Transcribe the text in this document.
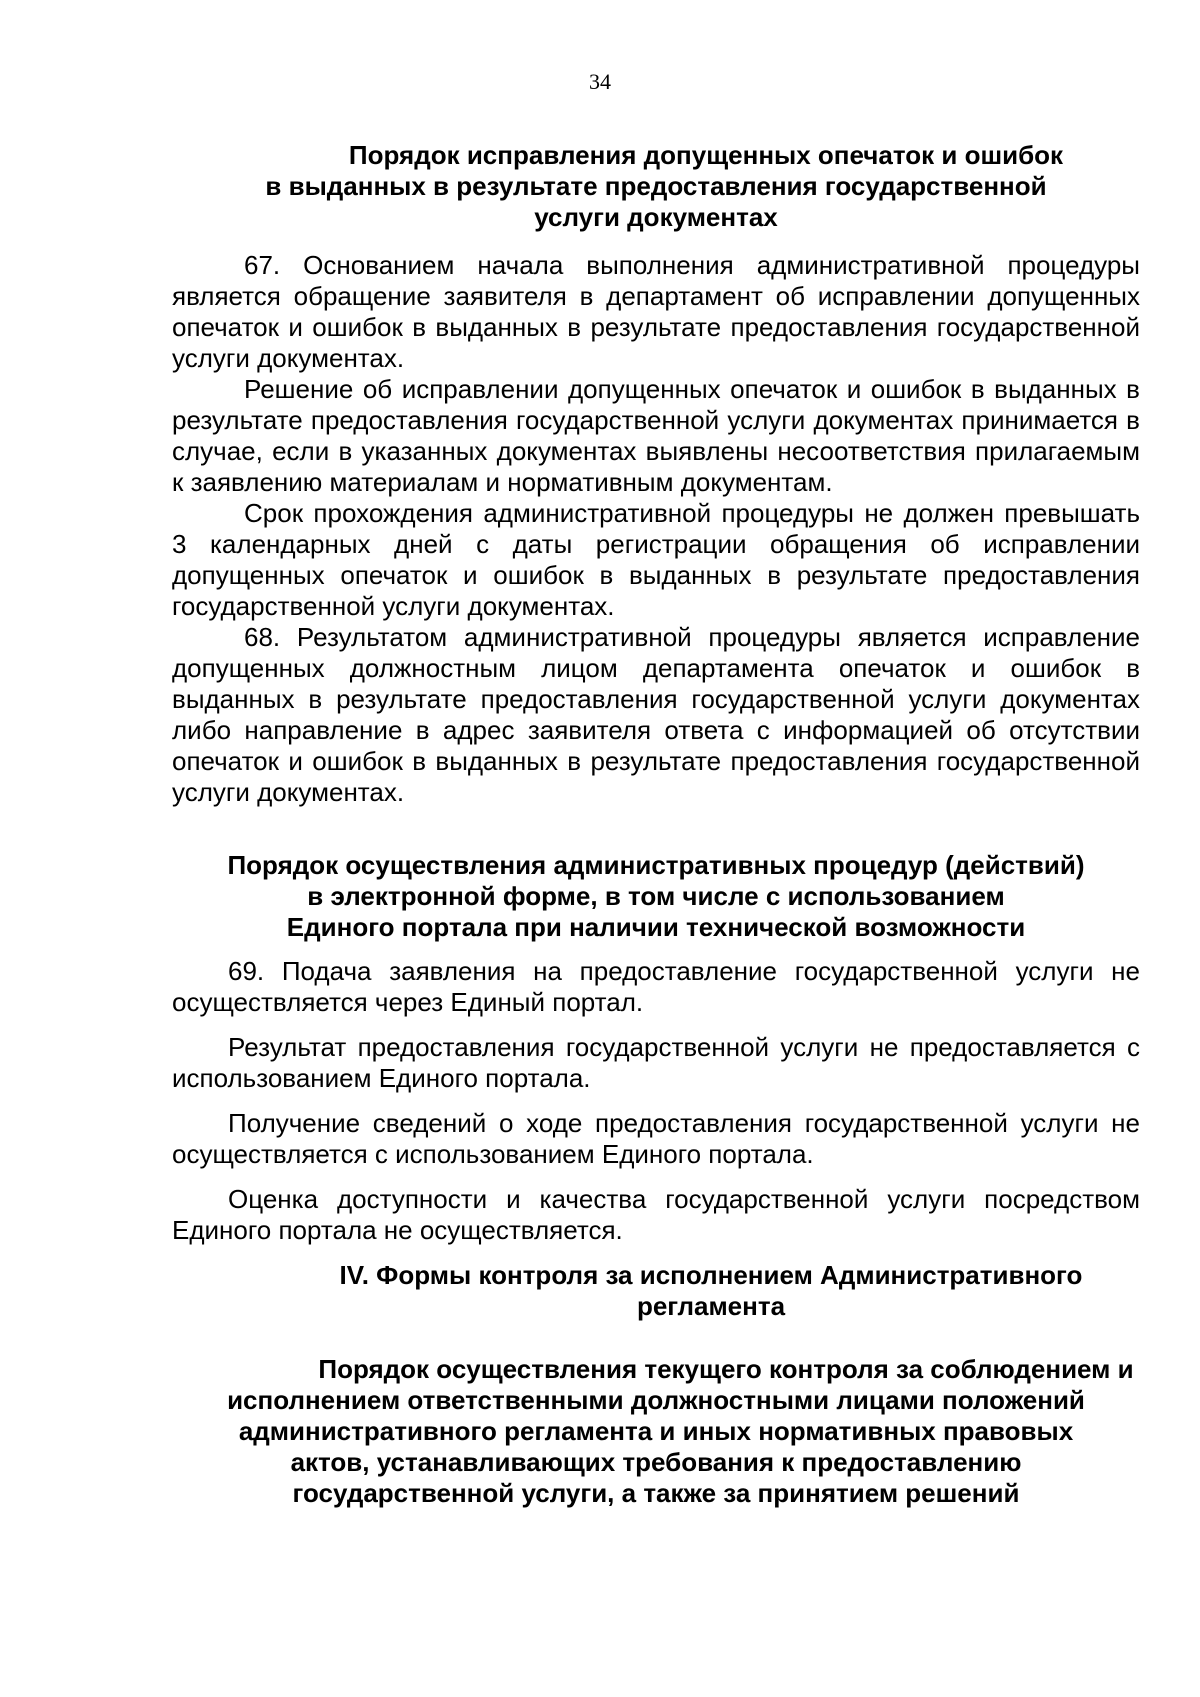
34
Порядок исправления допущенных опечаток и ошибок
в выданных в результате предоставления государственной
услуги документах

67. Основанием начала выполнения административной процедуры является обращение заявителя в департамент об исправлении допущенных опечаток и ошибок в выданных в результате предоставления государственной услуги документах.

Решение об исправлении допущенных опечаток и ошибок в выданных в результате предоставления государственной услуги документах принимается в случае, если в указанных документах выявлены несоответствия прилагаемым к заявлению материалам и нормативным документам.

Срок прохождения административной процедуры не должен превышать 3 календарных дней с даты регистрации обращения об исправлении допущенных опечаток и ошибок в выданных в результате предоставления государственной услуги документах.

68. Результатом административной процедуры является исправление допущенных должностным лицом департамента опечаток и ошибок в выданных в результате предоставления государственной услуги документах либо направление в адрес заявителя ответа с информацией об отсутствии опечаток и ошибок в выданных в результате предоставления государственной услуги документах.

Порядок осуществления административных процедур (действий)
в электронной форме, в том числе с использованием
Единого портала при наличии технической возможности

69. Подача заявления на предоставление государственной услуги не осуществляется через Единый портал.

Результат предоставления государственной услуги не предоставляется с использованием Единого портала.

Получение сведений о ходе предоставления государственной услуги не осуществляется с использованием Единого портала.

Оценка доступности и качества государственной услуги посредством Единого портала не осуществляется.

IV. Формы контроля за исполнением Административного
регламента
Порядок осуществления текущего контроля за соблюдением и
исполнением ответственными должностными лицами положений
административного регламента и иных нормативных правовых
актов, устанавливающих требования к предоставлению
государственной услуги, а также за принятием решений
